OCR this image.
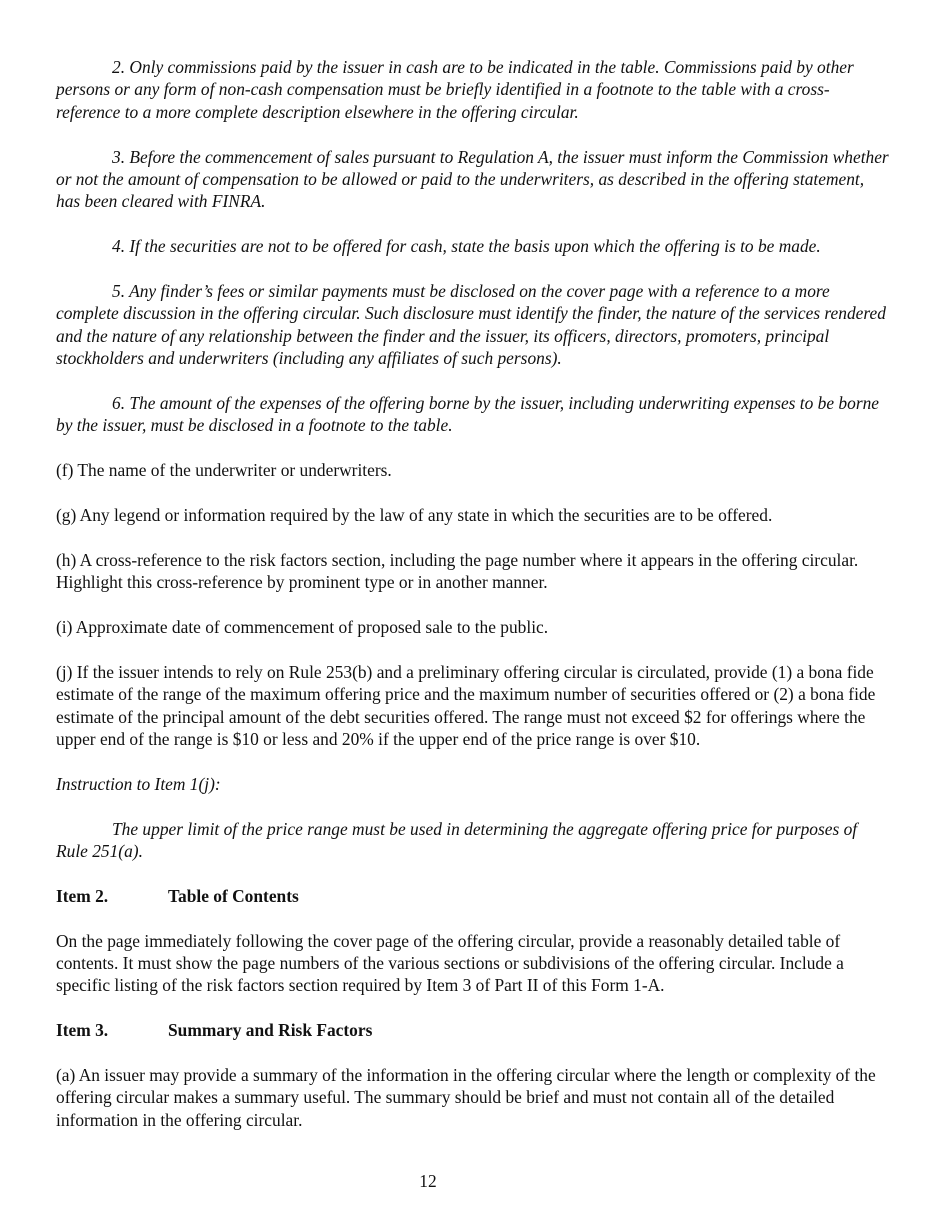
2. Only commissions paid by the issuer in cash are to be indicated in the table. Commissions paid by other persons or any form of non-cash compensation must be briefly identified in a footnote to the table with a cross-reference to a more complete description elsewhere in the offering circular.

3. Before the commencement of sales pursuant to Regulation A, the issuer must inform the Commission whether or not the amount of compensation to be allowed or paid to the underwriters, as described in the offering statement, has been cleared with FINRA.

4. If the securities are not to be offered for cash, state the basis upon which the offering is to be made.

5. Any finder’s fees or similar payments must be disclosed on the cover page with a reference to a more complete discussion in the offering circular. Such disclosure must identify the finder, the nature of the services rendered and the nature of any relationship between the finder and the issuer, its officers, directors, promoters, principal stockholders and underwriters (including any affiliates of such persons).

6. The amount of the expenses of the offering borne by the issuer, including underwriting expenses to be borne by the issuer, must be disclosed in a footnote to the table.

(f) The name of the underwriter or underwriters.

(g) Any legend or information required by the law of any state in which the securities are to be offered.

(h) A cross-reference to the risk factors section, including the page number where it appears in the offering circular. Highlight this cross-reference by prominent type or in another manner.

(i) Approximate date of commencement of proposed sale to the public.

(j) If the issuer intends to rely on Rule 253(b) and a preliminary offering circular is circulated, provide (1) a bona fide estimate of the range of the maximum offering price and the maximum number of securities offered or (2) a bona fide estimate of the principal amount of the debt securities offered. The range must not exceed $2 for offerings where the upper end of the range is $10 or less and 20% if the upper end of the price range is over $10.

Instruction to Item 1(j):

The upper limit of the price range must be used in determining the aggregate offering price for purposes of Rule 251(a).

Item 2.	Table of Contents

On the page immediately following the cover page of the offering circular, provide a reasonably detailed table of contents. It must show the page numbers of the various sections or subdivisions of the offering circular. Include a specific listing of the risk factors section required by Item 3 of Part II of this Form 1-A.

Item 3.	Summary and Risk Factors

(a) An issuer may provide a summary of the information in the offering circular where the length or complexity of the offering circular makes a summary useful. The summary should be brief and must not contain all of the detailed information in the offering circular.

12
